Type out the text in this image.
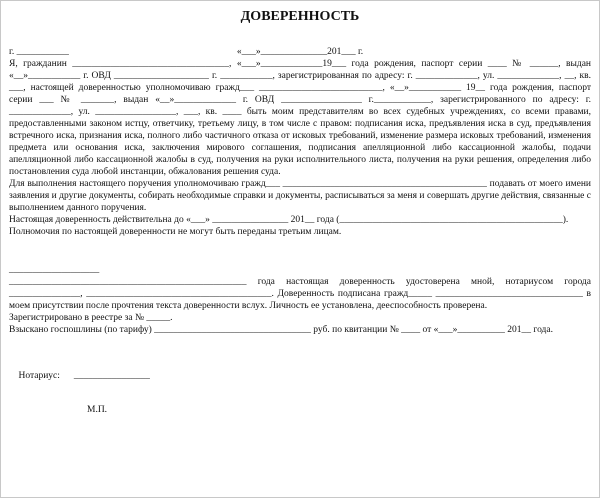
ДОВЕРЕННОСТЬ
г. ___________	«___»______________201___ г.

Я, гражданин _________________________________, «___»_____________19___ года рождения, паспорт серии ____ № ______, выдан «__»___________ г. ОВД ____________________ г. ___________, зарегистрированная по адресу: г. _____________, ул. _____________, __, кв. ___, настоящей доверенностью уполномочиваю гражд___ __________________________, «__»___________ 19__ года рождения, паспорт серии ___ № _______, выдан «__»_____________ г. ОВД _________________ г.____________, зарегистрированного по адресу: г. _____________, ул. _________________, ___, кв. ____ быть моим представителям во всех судебных учреждениях, со всеми правами, предоставленными законом истцу, ответчику, третьему лицу, в том числе с правом: подписания иска, предъявления иска в суд, предъявления встречного иска, признания иска, полного либо частичного отказа от исковых требований, изменение размера исковых требований, изменения предмета или основания иска, заключения мирового соглашения, подписания апелляционной либо кассационной жалобы, подачи апелляционной либо кассационной жалобы в суд, получения на руки исполнительного листа, получения на руки решения, определения либо постановления суда любой инстанции, обжалования решения суда.

Для выполнения настоящего поручения уполномочиваю гражд___ ___________________________________________ подавать от моего имени заявления и другие документы, собирать необходимые справки и документы, расписываться за меня и совершать другие действия, связанные с выполнением данного поручения.

Настоящая доверенность действительна до «___» ________________ 201__ года (_______________________________________________).

Полномочия по настоящей доверенности не могут быть переданы третьим лицам.

___________________

__________________________________________________ года настоящая доверенность удостоверена мной, нотариусом города _______________, _______________________________________. Доверенность подписана гражд_____ _______________________________ в моем присутствии после прочтения текста доверенности вслух. Личность ее установлена, дееспособность проверена.

Зарегистрировано в реестре за № _____.

Взыскано госпошлины (по тарифу) _________________________________ руб. по квитанции № ____ от «___»__________ 201__ года.

Нотариус: ________________

М.П.
